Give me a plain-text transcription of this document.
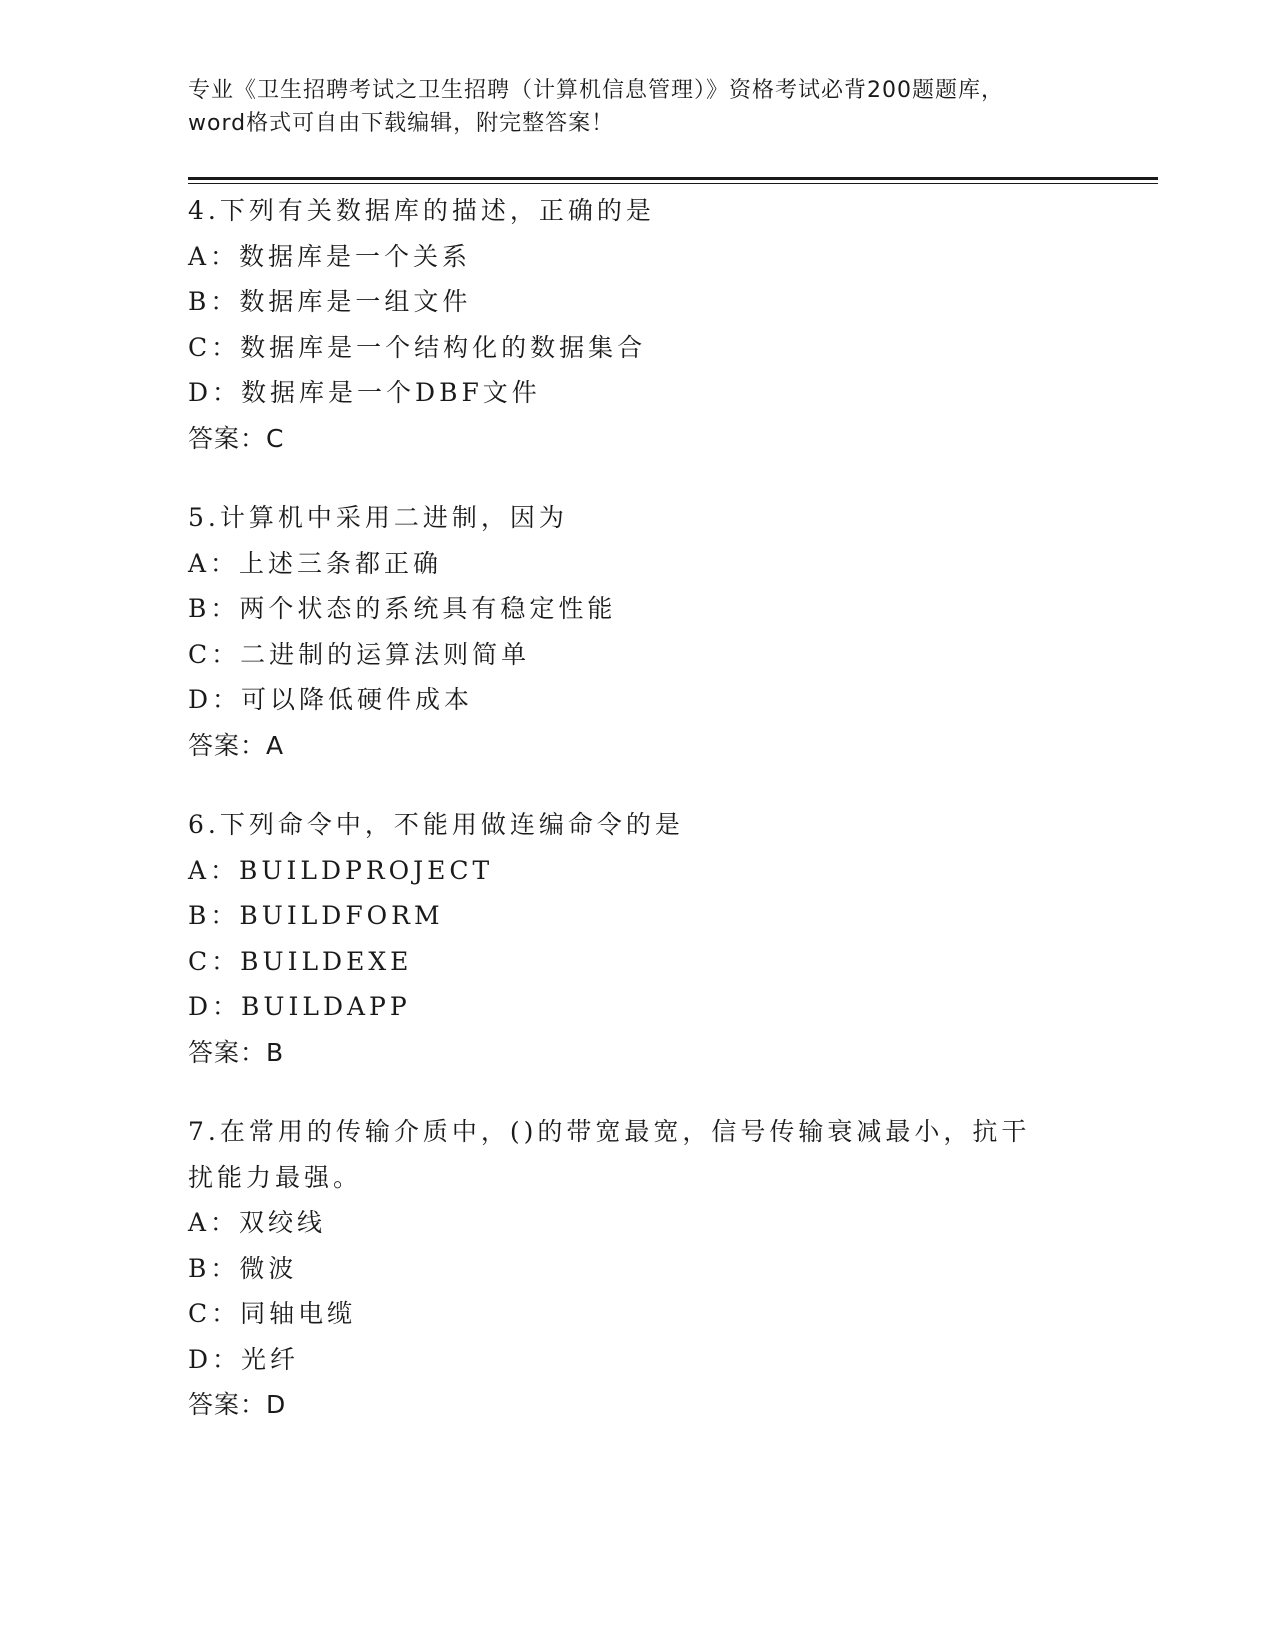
专业《卫生招聘考试之卫生招聘（计算机信息管理）》资格考试必背200题题库，
word格式可自由下载编辑，附完整答案！
4.下列有关数据库的描述，正确的是
A：数据库是一个关系
B：数据库是一组文件
C：数据库是一个结构化的数据集合
D：数据库是一个DBF文件
答案：C
5.计算机中采用二进制，因为
A：上述三条都正确
B：两个状态的系统具有稳定性能
C：二进制的运算法则简单
D：可以降低硬件成本
答案：A
6.下列命令中，不能用做连编命令的是
A：BUILDPROJECT
B：BUILDFORM
C：BUILDEXE
D：BUILDAPP
答案：B
7.在常用的传输介质中，()的带宽最宽，信号传输衰减最小，抗干扰能力最强。
A：双绞线
B：微波
C：同轴电缆
D：光纤
答案：D
